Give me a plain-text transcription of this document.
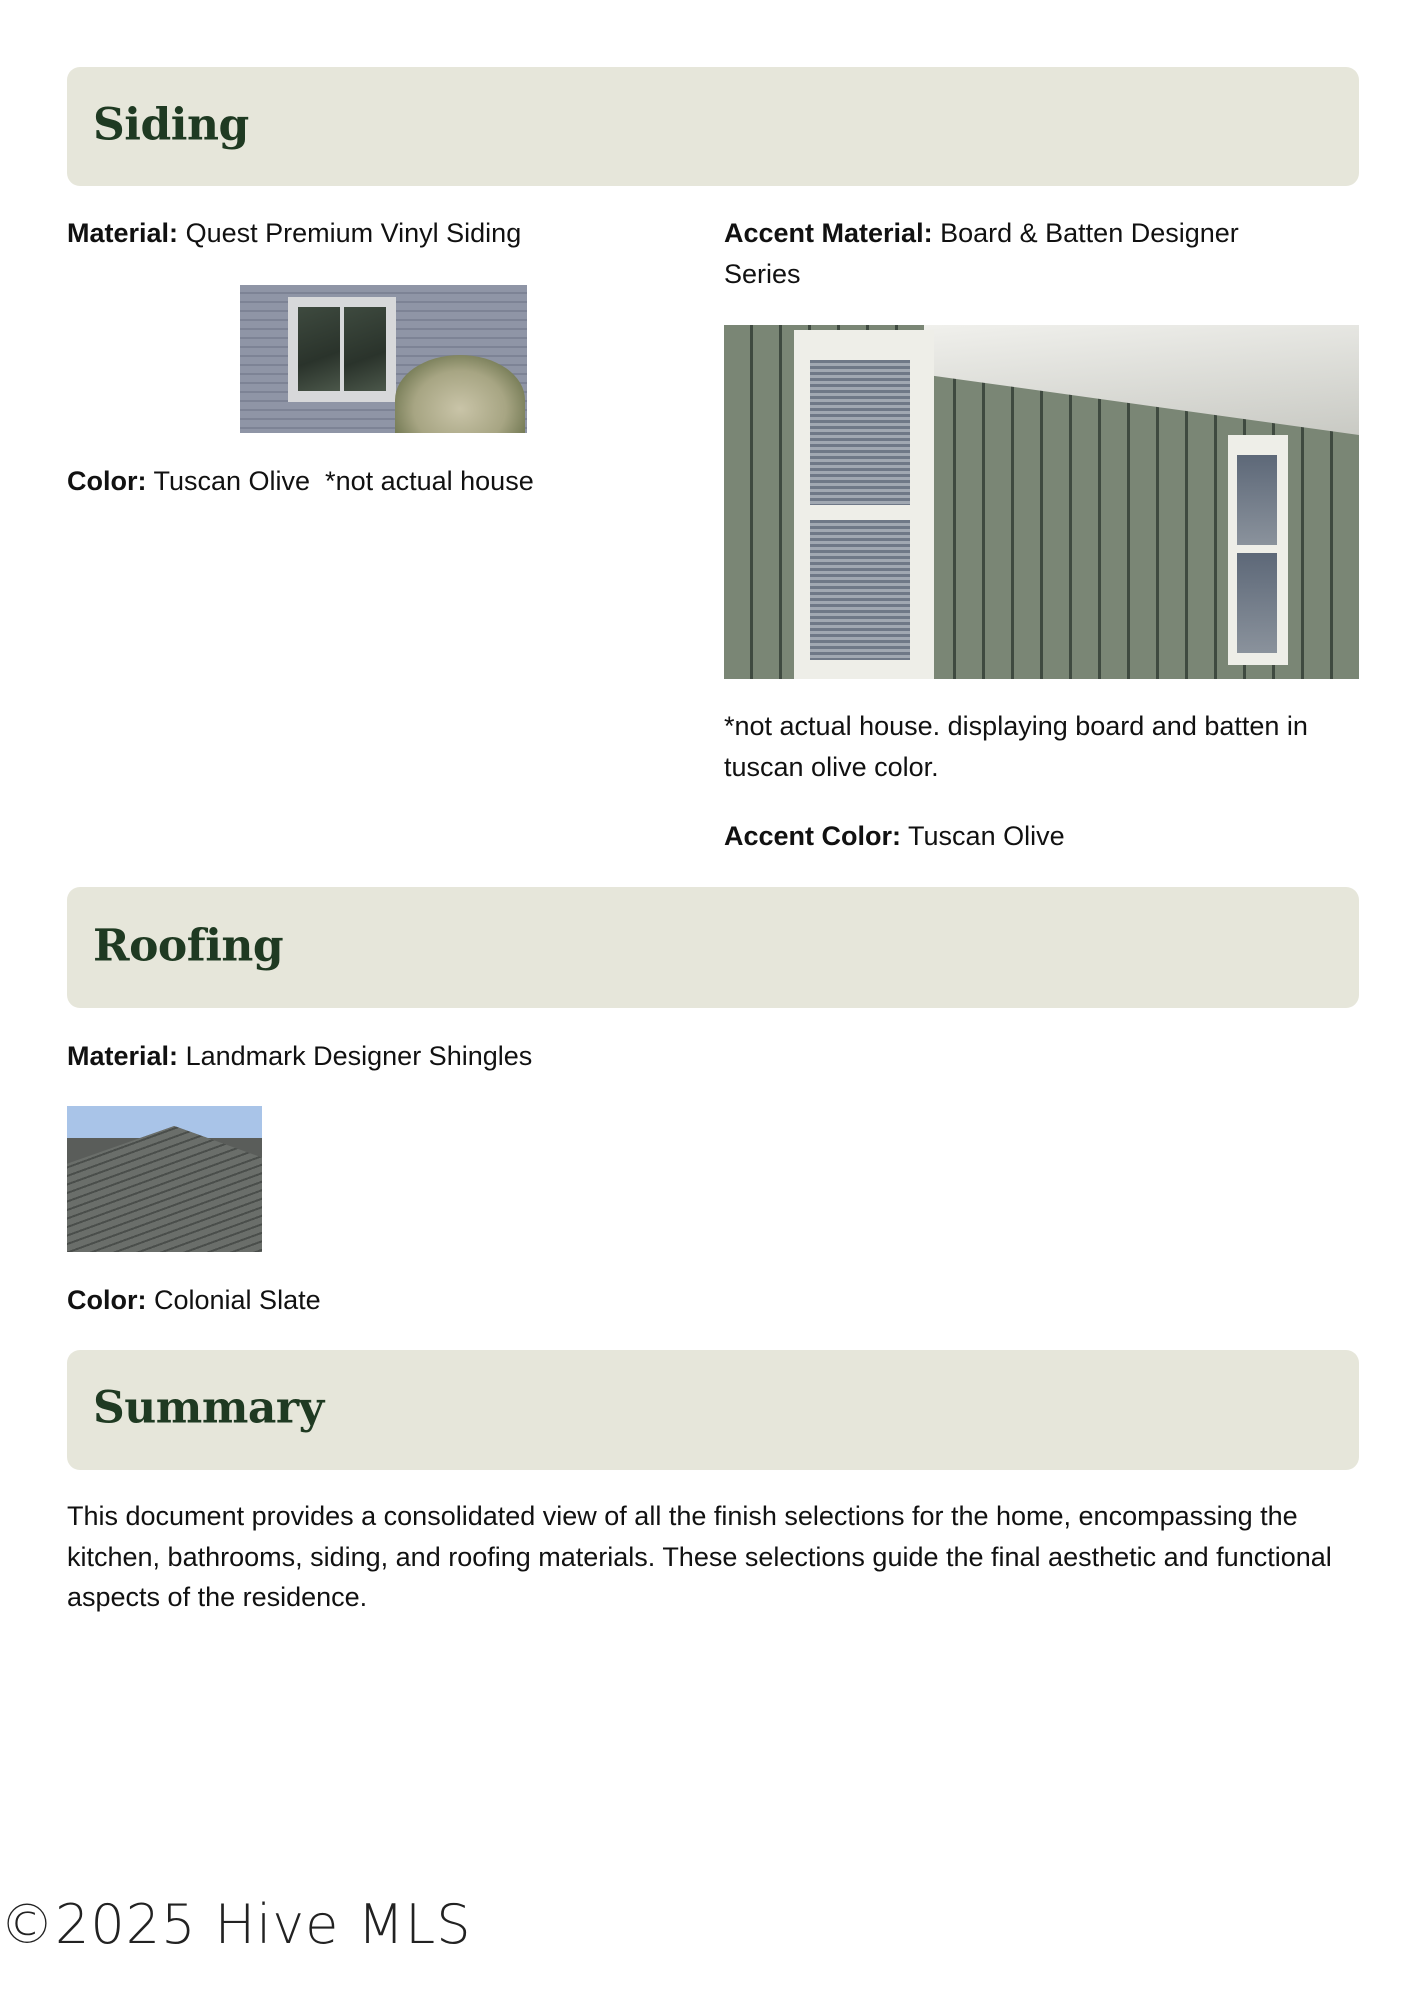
Siding
Material: Quest Premium Vinyl Siding
Color: Tuscan Olive  *not actual house
Accent Material: Board & Batten Designer
Series
*not actual house. displaying board and batten in
tuscan olive color.
Accent Color: Tuscan Olive
Roofing
Material: Landmark Designer Shingles
Color: Colonial Slate
Summary
This document provides a consolidated view of all the finish selections for the home, encompassing the kitchen, bathrooms, siding, and roofing materials. These selections guide the final aesthetic and functional aspects of the residence.
©2025 Hive MLS
